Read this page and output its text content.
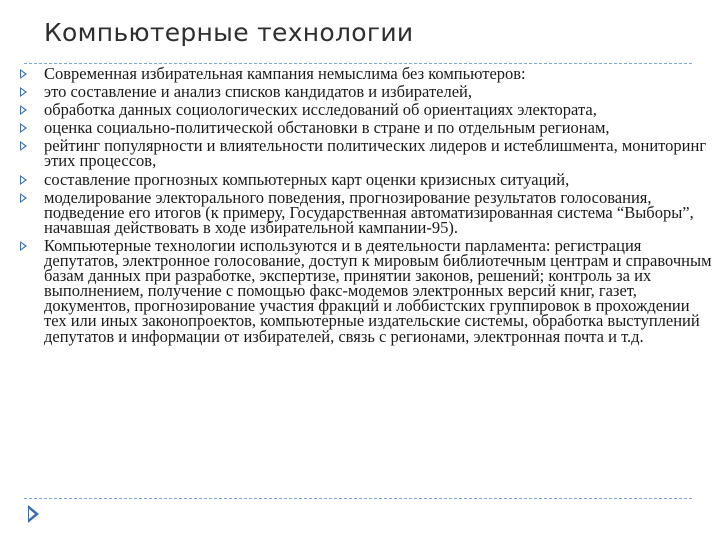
Компьютерные технологии
Современная избирательная кампания немыслима без компьютеров:
это составление и анализ списков кандидатов и избирателей,
обработка данных социологических исследований об ориентациях электората,
оценка социально-политической обстановки в стране и по отдельным регионам,
рейтинг популярности и влиятельности политических лидеров и истеблишмента, мониторинг этих процессов,
составление прогнозных компьютерных карт оценки кризисных ситуаций,
моделирование электорального поведения, прогнозирование результатов голосования, подведение его итогов (к примеру, Государственная автоматизированная система “Выборы”, начавшая действовать в ходе избирательной кампании-95).
Компьютерные технологии используются и в деятельности парламента: регистрация депутатов, электронное голосование, доступ к мировым библиотечным центрам и справочным базам данных при разработке, экспертизе, принятии законов, решений; контроль за их выполнением, получение с помощью факс-модемов электронных версий книг, газет, документов, прогнозирование участия фракций и лоббистских группировок в прохождении тех или иных законопроектов, компьютерные издательские системы, обработка выступлений депутатов и информации от избирателей, связь с регионами, электронная почта и т.д.
